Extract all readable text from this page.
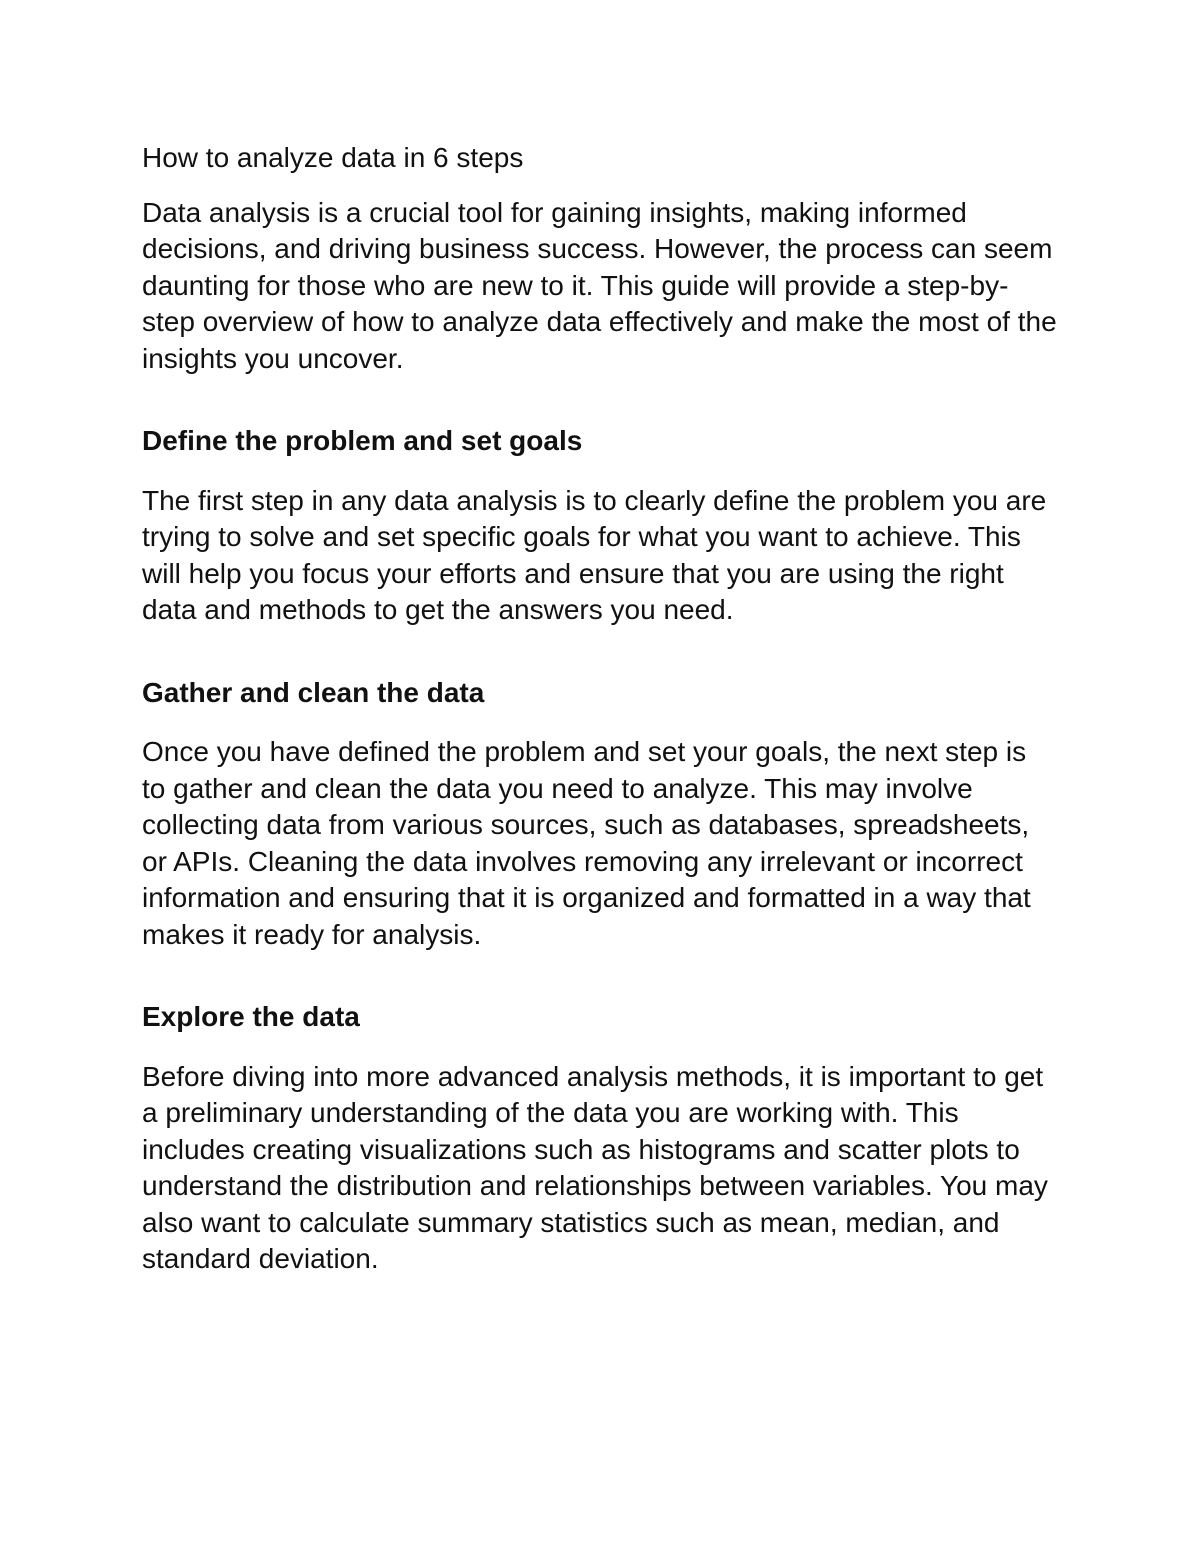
How to analyze data in 6 steps

Data analysis is a crucial tool for gaining insights, making informed decisions, and driving business success. However, the process can seem daunting for those who are new to it. This guide will provide a step-by-step overview of how to analyze data effectively and make the most of the insights you uncover.

Define the problem and set goals

The first step in any data analysis is to clearly define the problem you are trying to solve and set specific goals for what you want to achieve. This will help you focus your efforts and ensure that you are using the right data and methods to get the answers you need.

Gather and clean the data

Once you have defined the problem and set your goals, the next step is to gather and clean the data you need to analyze. This may involve collecting data from various sources, such as databases, spreadsheets, or APIs. Cleaning the data involves removing any irrelevant or incorrect information and ensuring that it is organized and formatted in a way that makes it ready for analysis.

Explore the data

Before diving into more advanced analysis methods, it is important to get a preliminary understanding of the data you are working with. This includes creating visualizations such as histograms and scatter plots to understand the distribution and relationships between variables. You may also want to calculate summary statistics such as mean, median, and standard deviation.
